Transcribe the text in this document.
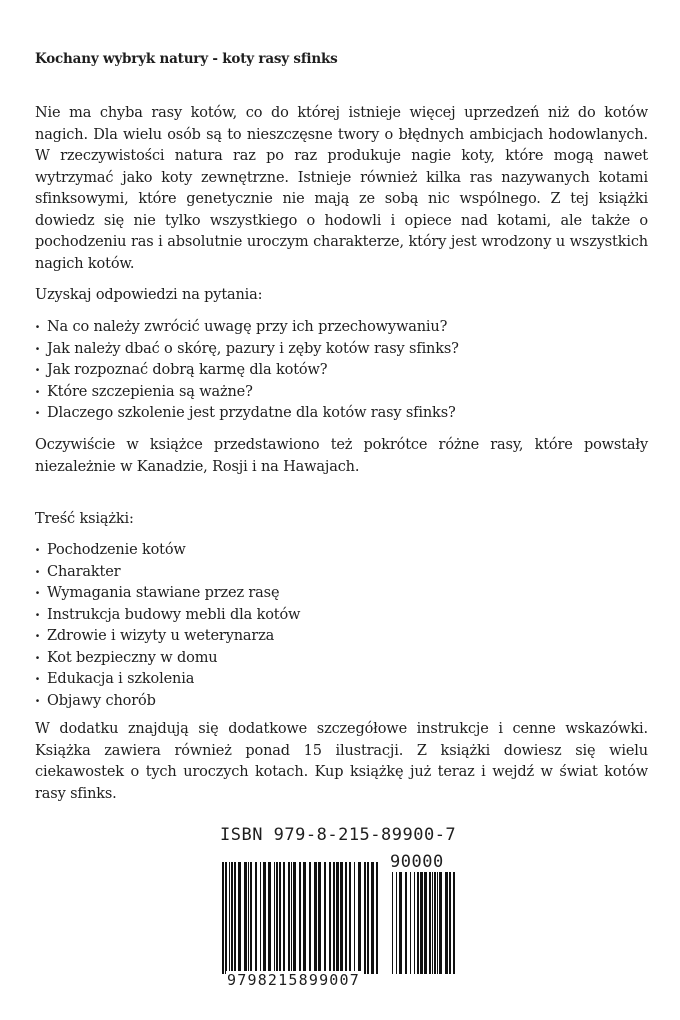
Kochany wybryk natury - koty rasy sfinks
Nie ma chyba rasy kotów, co do której istnieje więcej uprzedzeń niż do kotów nagich. Dla wielu osób są to nieszczęsne twory o błędnych ambicjach hodowlanych. W rzeczywistości natura raz po raz produkuje nagie koty, które mogą nawet wytrzymać jako koty zewnętrzne. Istnieje również kilka ras nazywanych kotami sfinksowymi, które genetycznie nie mają ze sobą nic wspólnego. Z tej książki dowiedz się nie tylko wszystkiego o hodowli i opiece nad kotami, ale także o pochodzeniu ras i absolutnie uroczym charakterze, który jest wrodzony u wszystkich nagich kotów.
Uzyskaj odpowiedzi na pytania:
· Na co należy zwrócić uwagę przy ich przechowywaniu?
· Jak należy dbać o skórę, pazury i zęby kotów rasy sfinks?
· Jak rozpoznać dobrą karmę dla kotów?
· Które szczepienia są ważne?
· Dlaczego szkolenie jest przydatne dla kotów rasy sfinks?
Oczywiście w książce przedstawiono też pokrótce różne rasy, które powstały niezależnie w Kanadzie, Rosji i na Hawajach.
Treść książki:
· Pochodzenie kotów
· Charakter
· Wymagania stawiane przez rasę
· Instrukcja budowy mebli dla kotów
· Zdrowie i wizyty u weterynarza
· Kot bezpieczny w domu
· Edukacja i szkolenia
· Objawy chorób
W dodatku znajdują się dodatkowe szczegółowe instrukcje i cenne wskazówki. Książka zawiera również ponad 15 ilustracji. Z książki dowiesz się wielu ciekawostek o tych uroczych kotach. Kup książkę już teraz i wejdź w świat kotów rasy sfinks.
ISBN 979-8-215-89900-7
90000
9798215899007
